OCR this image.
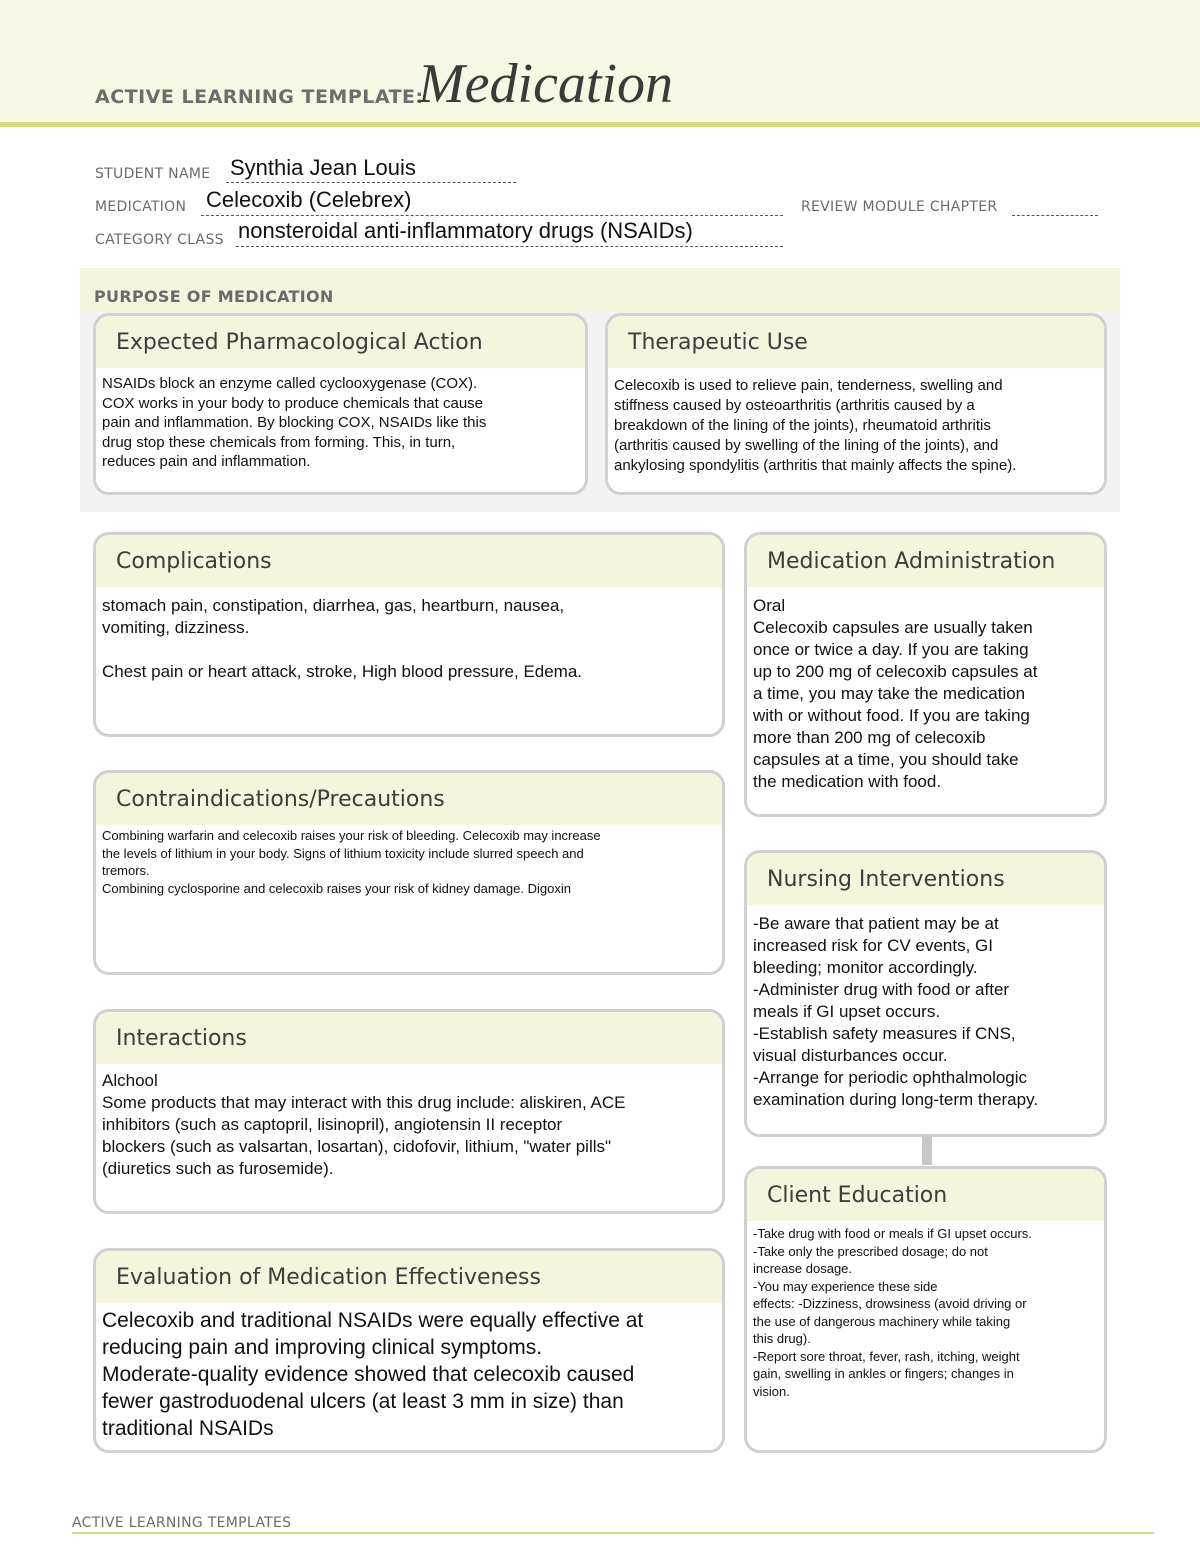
ACTIVE LEARNING TEMPLATE:
Medication
STUDENT NAME Synthia Jean Louis
MEDICATION Celecoxib (Celebrex)	REVIEW MODULE CHAPTER
CATEGORY CLASS nonsteroidal anti-inflammatory drugs (NSAIDs)
PURPOSE OF MEDICATION
Expected Pharmacological Action
NSAIDs block an enzyme called cyclooxygenase (COX).
COX works in your body to produce chemicals that cause
pain and inflammation. By blocking COX, NSAIDs like this
drug stop these chemicals from forming. This, in turn,
reduces pain and inflammation.
Therapeutic Use
Celecoxib is used to relieve pain, tenderness, swelling and
stiffness caused by osteoarthritis (arthritis caused by a
breakdown of the lining of the joints), rheumatoid arthritis
(arthritis caused by swelling of the lining of the joints), and
ankylosing spondylitis (arthritis that mainly affects the spine).
Complications
stomach pain, constipation, diarrhea, gas, heartburn, nausea,
vomiting, dizziness.

Chest pain or heart attack, stroke, High blood pressure, Edema.
Medication Administration
Oral
Celecoxib capsules are usually taken
once or twice a day. If you are taking
up to 200 mg of celecoxib capsules at
a time, you may take the medication
with or without food. If you are taking
more than 200 mg of celecoxib
capsules at a time, you should take
the medication with food.
Contraindications/Precautions
Combining warfarin and celecoxib raises your risk of bleeding. Celecoxib may increase
the levels of lithium in your body. Signs of lithium toxicity include slurred speech and
tremors.
Combining cyclosporine and celecoxib raises your risk of kidney damage. Digoxin	Nursing Interventions
-Be aware that patient may be at
increased risk for CV events, GI
bleeding; monitor accordingly.
-Administer drug with food or after
meals if GI upset occurs.
-Establish safety measures if CNS,
visual disturbances occur.
-Arrange for periodic ophthalmologic
examination during long-term therapy.
Interactions
Alchool
Some products that may interact with this drug include: aliskiren, ACE
inhibitors (such as captopril, lisinopril), angiotensin II receptor
blockers (such as valsartan, losartan), cidofovir, lithium, "water pills"
(diuretics such as furosemide).
Client Education
-Take drug with food or meals if GI upset occurs.
-Take only the prescribed dosage; do not
increase dosage.
-You may experience these side
effects: -Dizziness, drowsiness (avoid driving or
the use of dangerous machinery while taking
this drug).
-Report sore throat, fever, rash, itching, weight
gain, swelling in ankles or fingers; changes in
vision.
Evaluation of Medication Effectiveness
Celecoxib and traditional NSAIDs were equally effective at
reducing pain and improving clinical symptoms.
Moderate-quality evidence showed that celecoxib caused
fewer gastroduodenal ulcers (at least 3 mm in size) than
traditional NSAIDs
ACTIVE LEARNING TEMPLATES
